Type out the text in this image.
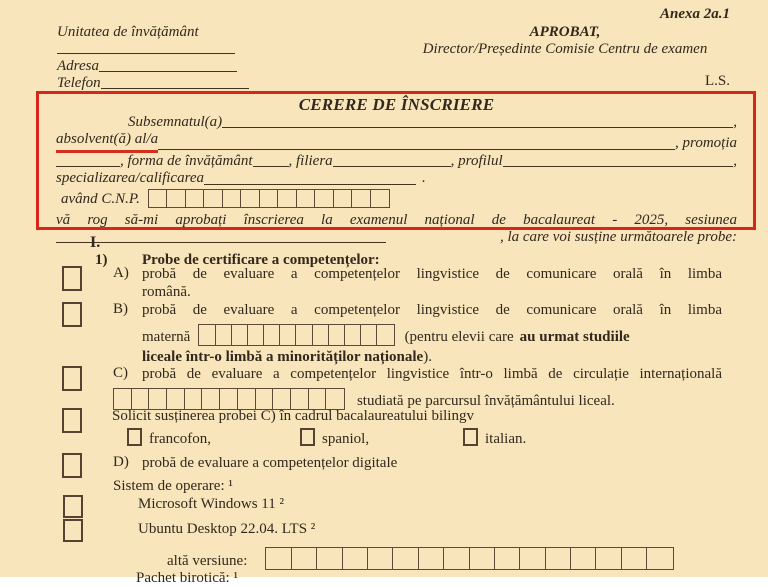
Anexa 2a.1
Unitatea de învățământ	APROBAT,
Director/Președinte Comisie Centru de examen
Adresa
Telefon	L.S.
CERERE DE ÎNSCRIERE
Subsemnatul(a)	,
absolvent(ă) al/a	, promoția
, forma de învățământ , filiera	, profilul	,
specializarea/calificarea	.
având C.N.P.
vă rog să-mi aprobați înscrierea la examenul național de bacalaureat - 2025, sesiunea
, la care voi susține următoarele probe:
I.
1) Probe de certificare a competențelor:
A) probă de evaluare a competențelor lingvistice de comunicare orală în limba
română.
B) probă de evaluare a competențelor lingvistice de comunicare orală în limba
maternă	(pentru elevii care au urmat studiile
liceale într-o limbă a minorităților naționale).
C) probă de evaluare a competențelor lingvistice într-o limbă de circulație internațională
studiată pe parcursul învățământului liceal.
Solicit susținerea probei C) în cadrul bacalaureatului bilingv
francofon,	spaniol,	italian.
D) probă de evaluare a competențelor digitale
Sistem de operare: ¹
Microsoft Windows 11 ²
Ubuntu Desktop 22.04. LTS ²
altă versiune:
Pachet birotică: ¹
